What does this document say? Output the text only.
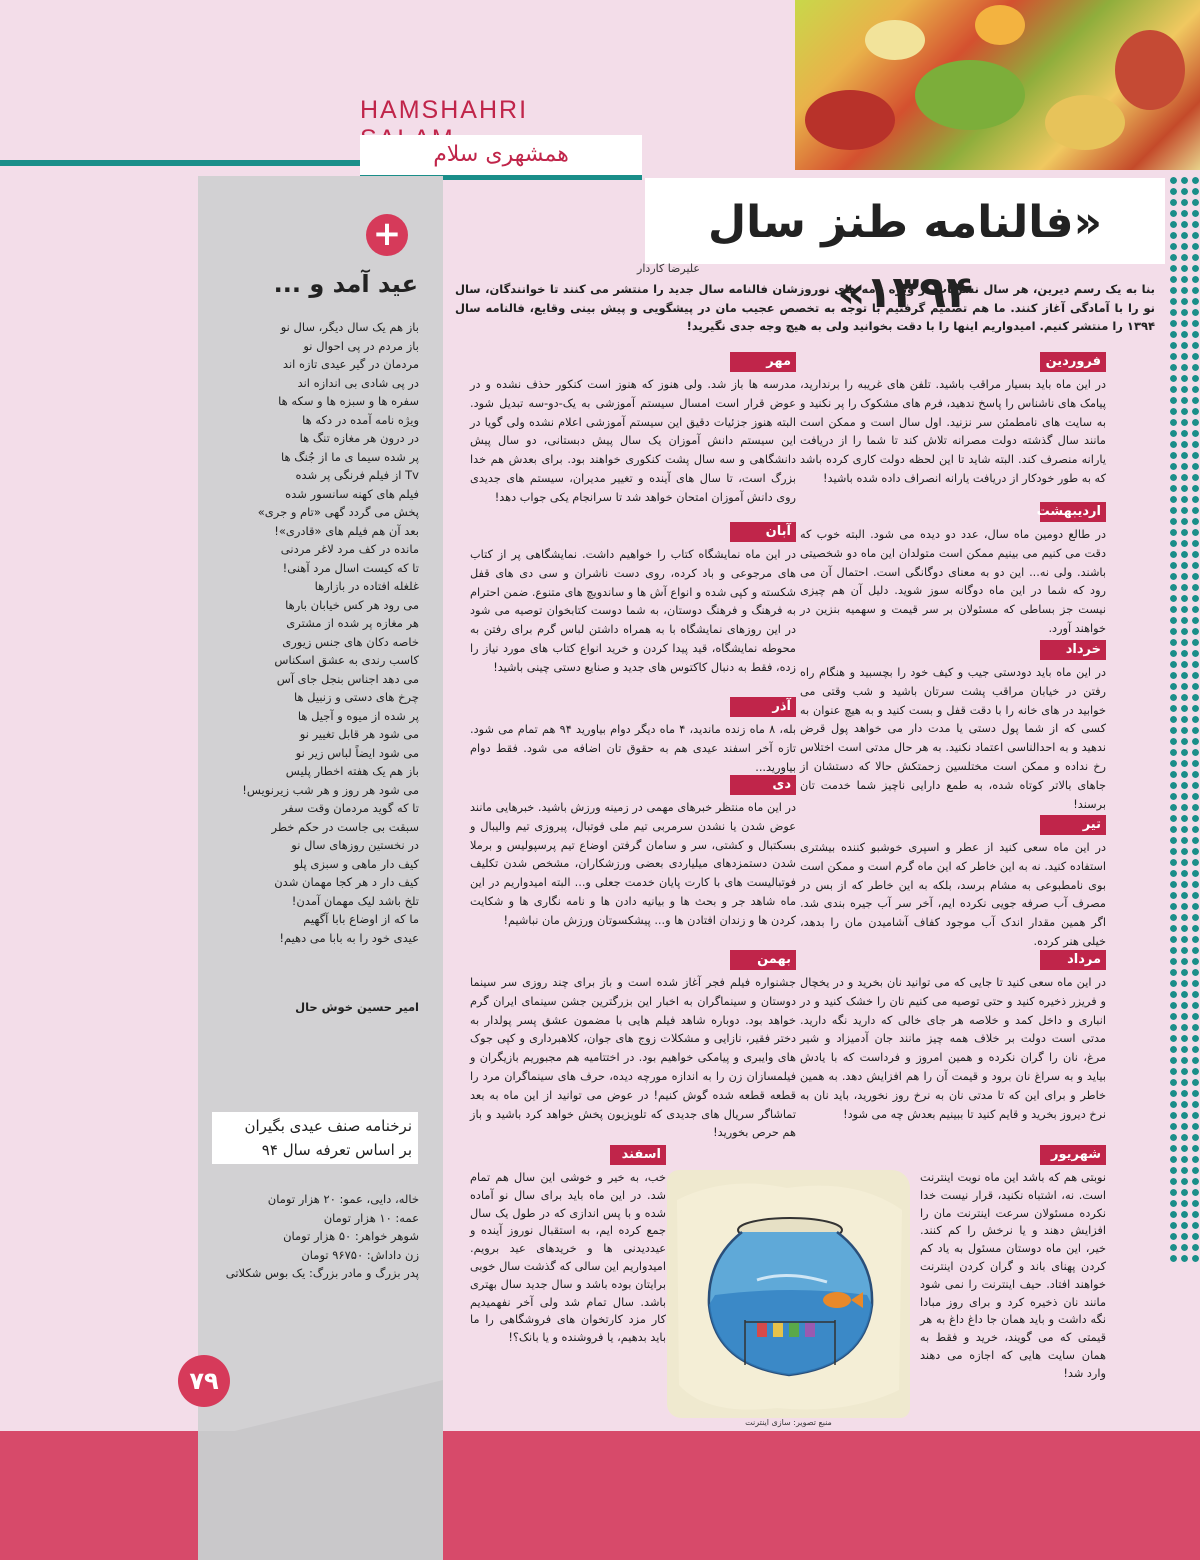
HAMSHAHRI
همشهری سلام
+
عید آمد و ...
باز هم یک سال دیگر، سال نو
باز مردم در پی احوال نو
مردمان در گیر عیدی تازه اند
در پی شادی بی اندازه اند
سفره ها و سبزه ها و سکه ها
ویژه نامه آمده در دکه ها
در درون هر مغازه تنگ ها
پر شده سیما ی ما از جُنگ ها
Tv از فیلم فرنگی پر شده
فیلم های کهنه سانسور شده
پخش می گردد گهی «تام و جری»
بعد آن هم فیلم های «قادری»!
مانده در کف مرد لاغر مردنی
تا که کیست اسال مرد آهنی!
غلغله افتاده در بازارها
می رود هر کس خیابان بارها
هر مغازه پر شده از مشتری
خاصه دکان های جنس زیوری
کاسب رندی به عشق اسکناس
می دهد اجناس بنجل جای آس
چرخ های دستی و زنبیل ها
پر شده از میوه و آجیل ها
می شود هر قابل تغییر نو
می شود ایضاً لباس زیر نو
باز هم یک هفته اخطار پلیس
می شود هر روز و هر شب زیرنویس!
تا که گوید مردمان وقت سفر
سبقت بی جاست در حکم خطر
در نخستین روزهای سال نو
کیف دار ماهی و سبزی پلو
کیف دار د هر کجا مهمان شدن
تلخ باشد لیک مهمان آمدن!
ما که از اوضاع بابا آگهیم
عیدی خود را به بابا می دهیم!
امیر حسین خوش حال
نرخنامه صنف عیدی بگیران
بر اساس تعرفه سال ۹۴
خاله، دایی، عمو: ۲۰ هزار تومان
عمه: ۱۰ هزار تومان
شوهر خواهر: ۵۰ هزار تومان
زن داداش: ۹۶۷۵۰ تومان
پدر بزرگ و مادر بزرگ: یک بوس شکلاتی
۷۹
«فالنامه طنز سال ۱۳۹۴»
علیرضا کاردار
بنا به یک رسم دیرین، هر سال نشریات در ویژه نامه های نوروزشان فالنامه سال جدید را منتشر می کنند تا خوانندگان، سال نو را با آمادگی آغاز کنند. ما هم تصمیم گرفتیم با توجه به تخصص عجیب مان در پیشگویی و پیش بینی وقایع، فالنامه سال ۱۳۹۴ را منتشر کنیم. امیدواریم اینها را با دقت بخوانید ولی به هیچ وجه جدی نگیرید!
فروردین
در این ماه باید بسیار مراقب باشید. تلفن های غریبه را برندارید، پیامک های ناشناس را پاسخ ندهید، فرم های مشکوک را پر نکنید و به سایت های نامطمئن سر نزنید. اول سال است و ممکن است مانند سال گذشته دولت مصرانه تلاش کند تا شما را از دریافت یارانه منصرف کند. البته شاید تا این لحظه دولت کاری کرده باشد که به طور خودکار از دریافت یارانه انصراف داده شده باشید!
اردیبهشت
در طالع دومین ماه سال، عدد دو دیده می شود. البته خوب که دقت می کنیم می بینیم ممکن است متولدان این ماه دو شخصیتی باشند. ولی نه... این دو به معنای دوگانگی است. احتمال آن می رود که شما در این ماه دوگانه سوز شوید. دلیل آن هم چیزی نیست جز بساطی که مسئولان بر سر قیمت و سهمیه بنزین در خواهند آورد.
خرداد
در این ماه باید دودستی جیب و کیف خود را بچسبید و هنگام راه رفتن در خیابان مراقب پشت سرتان باشید و شب وقتی می خوابید در های خانه را با دقت قفل و بست کنید و به هیچ عنوان به کسی که از شما پول دستی یا مدت دار می خواهد پول قرض ندهید و به احدالناسی اعتماد نکنید. به هر حال مدتی است اختلاس رخ نداده و ممکن است مختلسین زحمتکش حالا که دستشان از جاهای بالاتر کوتاه شده، به طمع دارایی ناچیز شما خدمت تان برسند!
تیر
در این ماه سعی کنید از عطر و اسپری خوشبو کننده بیشتری استفاده کنید. نه به این خاطر که این ماه گرم است و ممکن است بوی نامطبوعی به مشام برسد، بلکه به این خاطر که از بس در مصرف آب صرفه جویی نکرده ایم، آخر سر آب جیره بندی شد. اگر همین مقدار اندک آب موجود کفاف آشامیدن مان را بدهد، خیلی هنر کرده.
مرداد
در این ماه سعی کنید تا جایی که می توانید نان بخرید و در یخچال و فریزر ذخیره کنید و حتی توصیه می کنیم نان را خشک کنید و در انباری و داخل کمد و خلاصه هر جای خالی که دارید نگه دارید. مدتی است دولت بر خلاف همه چیز مانند جان آدمیزاد و شیر مرغ، نان را گران نکرده و همین امروز و فرداست که با یادش بیاید و به سراغ نان برود و قیمت آن را هم افزایش دهد. به همین خاطر و برای این که تا مدتی نان به نرخ روز نخورید، باید نان به نرخ دیروز بخرید و قایم کنید تا ببینیم بعدش چه می شود!
شهریور
نوبتی هم که باشد این ماه نوبت اینترنت است. نه، اشتباه نکنید، قرار نیست خدا نکرده مسئولان سرعت اینترنت مان را افزایش دهند و یا نرخش را کم کنند. خیر، این ماه دوستان مسئول به یاد کم کردن پهنای باند و گران کردن اینترنت خواهند افتاد. حیف اینترنت را نمی شود مانند نان ذخیره کرد و برای روز مبادا نگه داشت و باید همان جا داغ داغ به هر قیمتی که می گویند، خرید و فقط به همان سایت هایی که اجازه می دهند وارد شد!
مهر
مدرسه ها باز شد. ولی هنوز که هنوز است کنکور حذف نشده و در عوض قرار است امسال سیستم آموزشی به یک-دو-سه تبدیل شود. البته هنوز جزئیات دقیق این سیستم آموزشی اعلام نشده ولی گویا در این سیستم دانش آموزان یک سال پیش دبستانی، دو سال پیش دانشگاهی و سه سال پشت کنکوری خواهند بود. برای بعدش هم خدا بزرگ است، تا سال های آینده و تغییر مدیران، سیستم های جدیدی روی دانش آموزان امتحان خواهد شد تا سرانجام یکی جواب دهد!
آبان
در این ماه نمایشگاه کتاب را خواهیم داشت. نمایشگاهی پر از کتاب های مرجوعی و باد کرده، روی دست ناشران و سی دی های قفل شکسته و کپی شده و انواع آش ها و ساندویچ های متنوع. ضمن احترام به فرهنگ و فرهنگ دوستان، به شما دوست کتابخوان توصیه می شود در این روزهای نمایشگاه با به همراه داشتن لباس گرم برای رفتن به محوطه نمایشگاه، قید پیدا کردن و خرید انواع کتاب های مورد نیاز را زده، فقط به دنبال کاکتوس های جدید و صنایع دستی چینی باشید!
آذر
بله، ۸ ماه زنده ماندید، ۴ ماه دیگر دوام بیاورید ۹۴ هم تمام می شود. تازه آخر اسفند عیدی هم به حقوق تان اضافه می شود. فقط دوام بیاورید...
دی
در این ماه منتظر خبرهای مهمی در زمینه ورزش باشید. خبرهایی مانند عوض شدن یا نشدن سرمربی تیم ملی فوتبال، پیروزی تیم والیبال و بسکتبال و کشتی، سر و سامان گرفتن اوضاع تیم پرسپولیس و برملا شدن دستمزدهای میلیاردی بعضی ورزشکاران، مشخص شدن تکلیف فوتبالیست های با کارت پایان خدمت جعلی و... البته امیدواریم در این ماه شاهد جر و بحث ها و بیانیه دادن ها و نامه نگاری ها و شکایت کردن ها و زندان افتادن ها و... پیشکسوتان ورزش مان نباشیم!
بهمن
جشنواره فیلم فجر آغاز شده است و باز برای چند روزی سر سینما دوستان و سینماگران به اخبار این بزرگترین جشن سینمای ایران گرم خواهد بود. دوباره شاهد فیلم هایی با مضمون عشق پسر پولدار به دختر فقیر، نازایی و مشکلات زوج های جوان، کلاهبرداری و کپی جوک های وایبری و پیامکی خواهیم بود. در اختتامیه هم مجبوریم بازیگران و فیلمسازان زن را به اندازه مورچه دیده، حرف های سینماگران مرد را قطعه قطعه شده گوش کنیم! در عوض می توانید از این ماه به بعد تماشاگر سریال های جدیدی که تلویزیون پخش خواهد کرد باشید و باز هم حرص بخورید!
اسفند
خب، به خیر و خوشی این سال هم تمام شد. در این ماه باید برای سال نو آماده شده و با پس اندازی که در طول یک سال جمع کرده ایم، به استقبال نوروز آینده و عیددیدنی ها و خریدهای عید برویم. امیدواریم این سالی که گذشت سال خوبی برایتان بوده باشد و سال جدید سال بهتری باشد. سال تمام شد ولی آخر نفهمیدیم کار مزد کارتخوان های فروشگاهی را ما باید بدهیم، یا فروشنده و یا بانک؟!
منبع تصویر: سازی اینترنت
